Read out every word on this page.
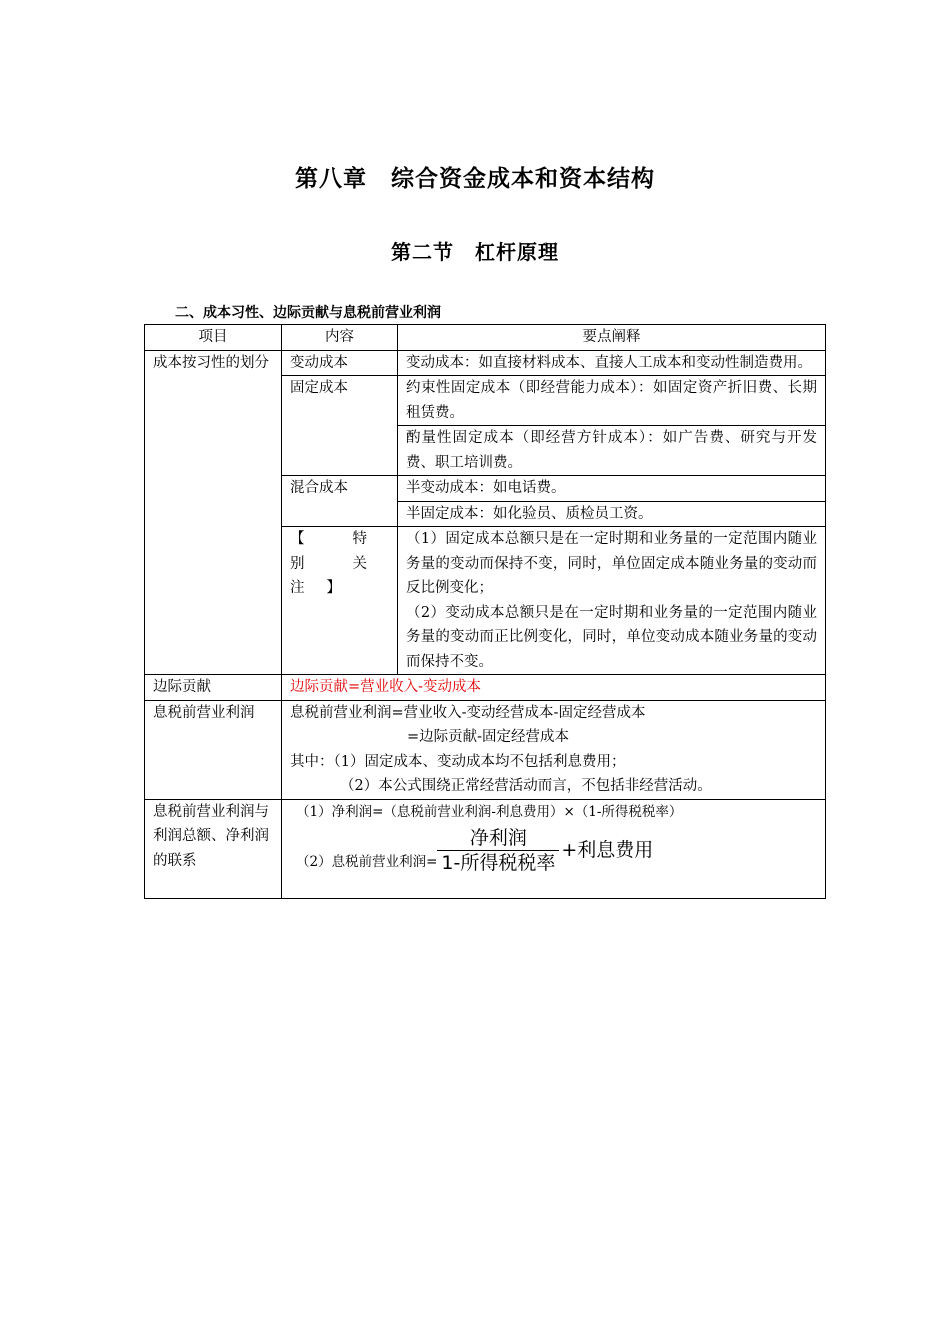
第八章　综合资金成本和资本结构
第二节　杠杆原理
二、成本习性、边际贡献与息税前营业利润
项目	内容	要点阐释
成本按习性的划分	变动成本	变动成本：如直接材料成本、直接人工成本和变动性制造费用。
	固定成本	约束性固定成本（即经营能力成本）：如固定资产折旧费、长期租赁费。
		酌量性固定成本（即经营方针成本）：如广告费、研究与开发费、职工培训费。
	混合成本	半变动成本：如电话费。
		半固定成本：如化验员、质检员工资。
	【特别关注】	（1）固定成本总额只是在一定时期和业务量的一定范围内随业务量的变动而保持不变，同时，单位固定成本随业务量的变动而反比例变化；
（2）变动成本总额只是在一定时期和业务量的一定范围内随业务量的变动而正比例变化，同时，单位变动成本随业务量的变动而保持不变。

边际贡献	边际贡献=营业收入-变动成本	
息税前营业利润	息税前营业利润=营业收入-变动经营成本-固定经营成本
=边际贡献-固定经营成本
其中：（1）固定成本、变动成本均不包括利息费用；
（2）本公式围绕正常经营活动而言，不包括非经营活动。	

息税前营业利润与利润总额、净利润的联系	（1）净利润=（息税前营业利润-利息费用）×（1-所得税税率）
（2）息税前营业利润= $\frac{\text{净利润}}{\text{1-所得税税率}}$ +利息费用	
